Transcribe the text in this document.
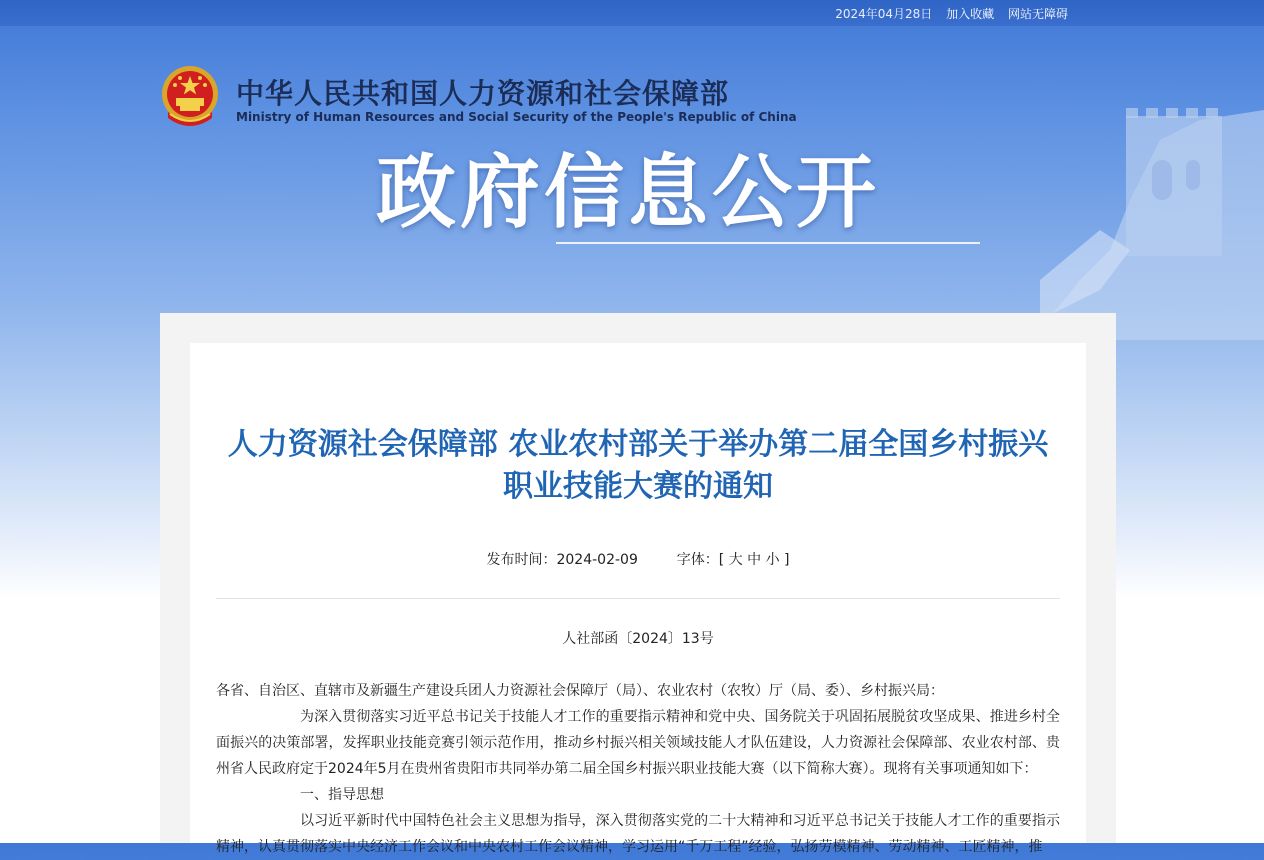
2024年04月28日 加入收藏 网站无障碍
中华人民共和国人力资源和社会保障部
Ministry of Human Resources and Social Security of the People's Republic of China
政府信息公开
人力资源社会保障部 农业农村部关于举办第二届全国乡村振兴职业技能大赛的通知
发布时间：2024-02-09	字体：[ 大 中 小 ]
人社部函〔2024〕13号

各省、自治区、直辖市及新疆生产建设兵团人力资源社会保障厅（局）、农业农村（农牧）厅（局、委）、乡村振兴局：

为深入贯彻落实习近平总书记关于技能人才工作的重要指示精神和党中央、国务院关于巩固拓展脱贫攻坚成果、推进乡村全面振兴的决策部署，发挥职业技能竞赛引领示范作用，推动乡村振兴相关领域技能人才队伍建设，人力资源社会保障部、农业农村部、贵州省人民政府定于2024年5月在贵州省贵阳市共同举办第二届全国乡村振兴职业技能大赛（以下简称大赛）。现将有关事项通知如下：

一、指导思想

以习近平新时代中国特色社会主义思想为指导，深入贯彻落实党的二十大精神和习近平总书记关于技能人才工作的重要指示精神，认真贯彻落实中央经济工作会议和中央农村工作会议精神，学习运用“千万工程”经验，弘扬劳模精神、劳动精神、工匠精神，推
